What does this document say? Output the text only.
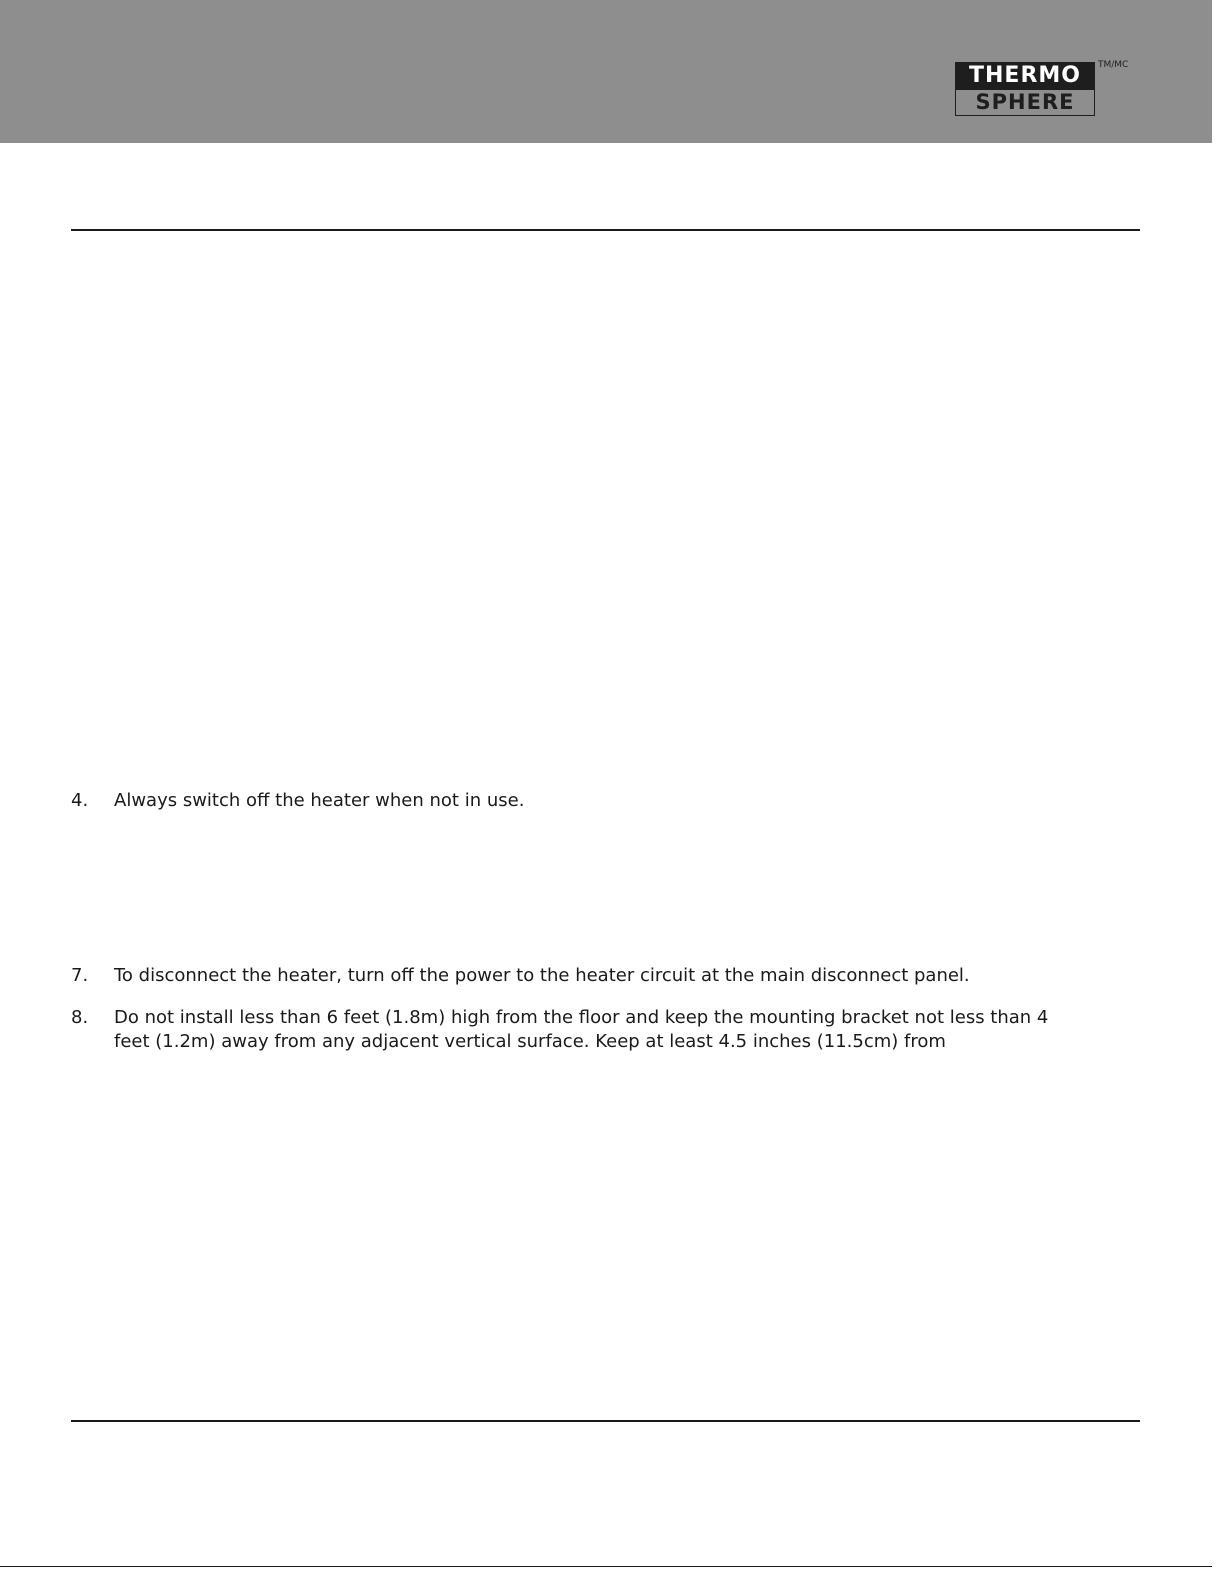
THERMO
SPHERE
TM/MC
4.	Always switch off the heater when not in use.
7.	To disconnect the heater, turn off the power to the heater circuit at the main disconnect panel.
8.	Do not install less than 6 feet (1.8m) high from the floor and keep the mounting bracket not less than 4 feet (1.2m) away from any adjacent vertical surface. Keep at least 4.5 inches (11.5cm) from
